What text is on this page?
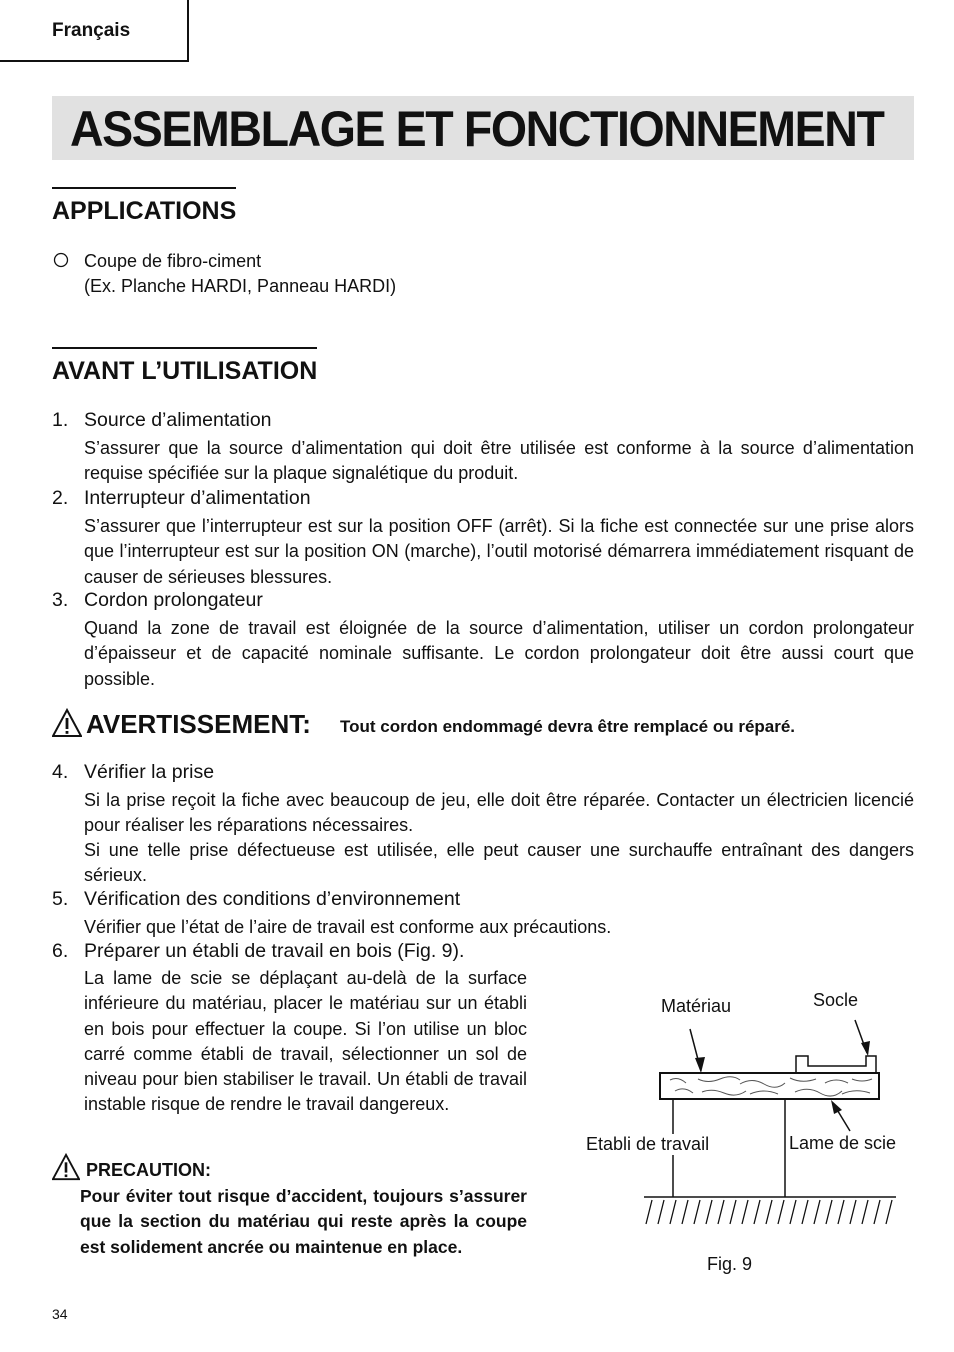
Français
ASSEMBLAGE ET FONCTIONNEMENT
APPLICATIONS
Coupe de fibro-ciment
(Ex. Planche HARDI, Panneau HARDI)
AVANT L’UTILISATION
1. Source d’alimentation
S’assurer que la source d’alimentation qui doit être utilisée est conforme à la source d’alimentation requise spécifiée sur la plaque signalétique du produit.
2. Interrupteur d’alimentation
S’assurer que l’interrupteur est sur la position OFF (arrêt). Si la fiche est connectée sur une prise alors que l’interrupteur est sur la position ON (marche), l’outil motorisé démarrera immédiatement risquant de causer de sérieuses blessures.
3. Cordon prolongateur
Quand la zone de travail est éloignée de la source d’alimentation, utiliser un cordon prolongateur d’épaisseur et de capacité nominale suffisante. Le cordon prolongateur doit être aussi court que possible.
AVERTISSEMENT: Tout cordon endommagé devra être remplacé ou réparé.
4. Vérifier la prise
Si la prise reçoit la fiche avec beaucoup de jeu, elle doit être réparée. Contacter un électricien licencié pour réaliser les réparations nécessaires.
Si une telle prise défectueuse est utilisée, elle peut causer une surchauffe entraînant des dangers sérieux.
5. Vérification des conditions d’environnement
Vérifier que l’état de l’aire de travail est conforme aux précautions.
6. Préparer un établi de travail en bois (Fig. 9).
La lame de scie se déplaçant au-delà de la surface inférieure du matériau, placer le matériau sur un établi en bois pour effectuer la coupe. Si l’on utilise un bloc carré comme établi de travail, sélectionner un sol de niveau pour bien stabiliser le travail. Un établi de travail instable risque de rendre le travail dangereux.
PRECAUTION:
Pour éviter tout risque d’accident, toujours s’assurer que la section du matériau qui reste après la coupe est solidement ancrée ou maintenue en place.
Matériau	Socle
Etabli de travail	Lame de scie
Fig. 9
34
